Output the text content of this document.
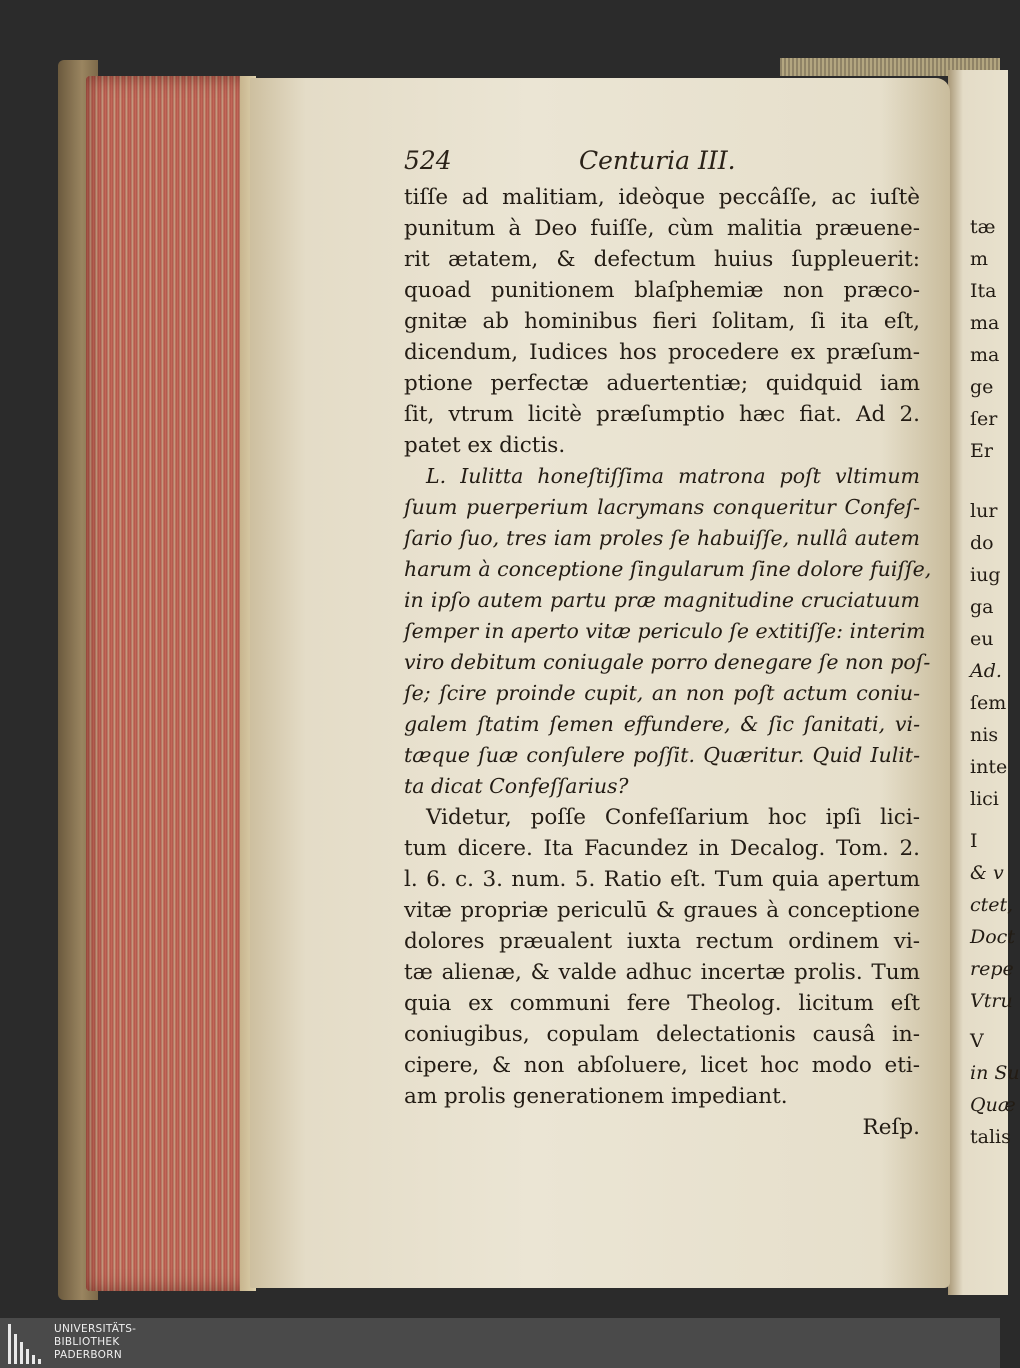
524	Centuria III.
tiſſe ad malitiam, ideòque peccâſſe, ac iuſtè
punitum à Deo fuiſſe, cùm malitia præuene-
rit ætatem, & defectum huius ſuppleuerit:
quoad punitionem blaſphemiæ non præco-
gnitæ ab hominibus fieri ſolitam, ſi ita eſt,
dicendum, Iudices hos procedere ex præſum-
ptione perfectæ aduertentiæ; quidquid iam
ſit, vtrum licitè præſumptio hæc fiat. Ad 2.
patet ex dictis.
L. Iulitta honeſtiſſima matrona poſt vltimum
ſuum puerperium lacrymans conqueritur Confeſ-
ſario ſuo, tres iam proles ſe habuiſſe, nullâ autem
harum à conceptione ſingularum ſine dolore fuiſſe,
in ipſo autem partu præ magnitudine cruciatuum
ſemper in aperto vitæ periculo ſe extitiſſe: interim
viro debitum coniugale porro denegare ſe non poſ-
ſe; ſcire proinde cupit, an non poſt actum coniu-
galem ſtatim ſemen effundere, & ſic ſanitati, vi-
tæque ſuæ conſulere poſſit. Quæritur. Quid Iulit-
ta dicat Confeſſarius?
Videtur, poſſe Confeſſarium hoc ipſi lici-
tum dicere. Ita Facundez in Decalog. Tom. 2.
l. 6. c. 3. num. 5. Ratio eſt. Tum quia apertum
vitæ propriæ periculū & graues à conceptione
dolores præualent iuxta rectum ordinem vi-
tæ alienæ, & valde adhuc incertæ prolis. Tum
quia ex communi fere Theolog. licitum eſt
coniugibus, copulam delectationis causâ in-
cipere, & non abſoluere, licet hoc modo eti-
am prolis generationem impediant.
Reſp.
tæ
m
Ita
ma
ma
ge
ſer
Er
lur
do
iug
ga
eu
Ad.
ſem
nis
inte
lici
I
& v
ctet,
Doct
repe
Vtru
V
in Su
Quæ
talis
UNIVERSITÄTS-
BIBLIOTHEK
PADERBORN
